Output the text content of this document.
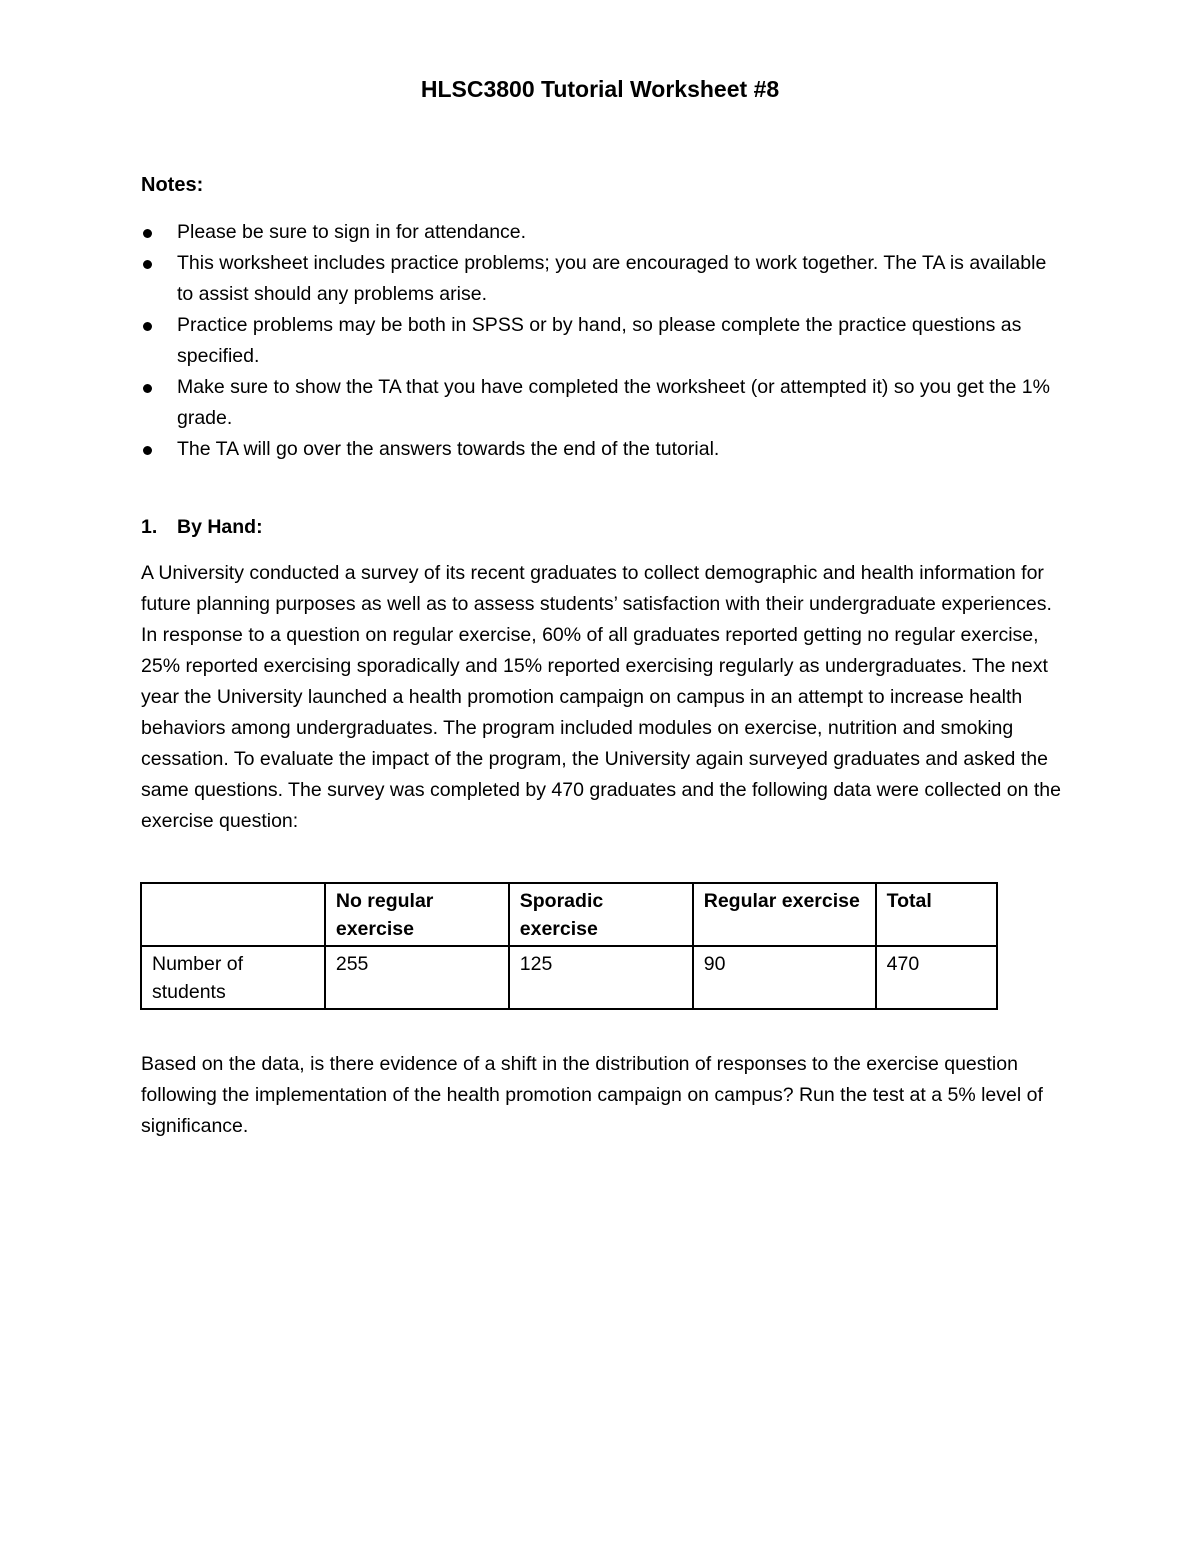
HLSC3800 Tutorial Worksheet #8
Notes:
Please be sure to sign in for attendance.
This worksheet includes practice problems; you are encouraged to work together. The TA is available to assist should any problems arise.
Practice problems may be both in SPSS or by hand, so please complete the practice questions as specified.
Make sure to show the TA that you have completed the worksheet (or attempted it) so you get the 1% grade.
The TA will go over the answers towards the end of the tutorial.
1. By Hand:

A University conducted a survey of its recent graduates to collect demographic and health information for future planning purposes as well as to assess students’ satisfaction with their undergraduate experiences. In response to a question on regular exercise, 60% of all graduates reported getting no regular exercise, 25% reported exercising sporadically and 15% reported exercising regularly as undergraduates. The next year the University launched a health promotion campaign on campus in an attempt to increase health behaviors among undergraduates. The program included modules on exercise, nutrition and smoking cessation. To evaluate the impact of the program, the University again surveyed graduates and asked the same questions. The survey was completed by 470 graduates and the following data were collected on the exercise question:

	No regular exercise	Sporadic exercise	Regular exercise	Total
Number of students	255	125	90	470

Based on the data, is there evidence of a shift in the distribution of responses to the exercise question following the implementation of the health promotion campaign on campus? Run the test at a 5% level of significance.
